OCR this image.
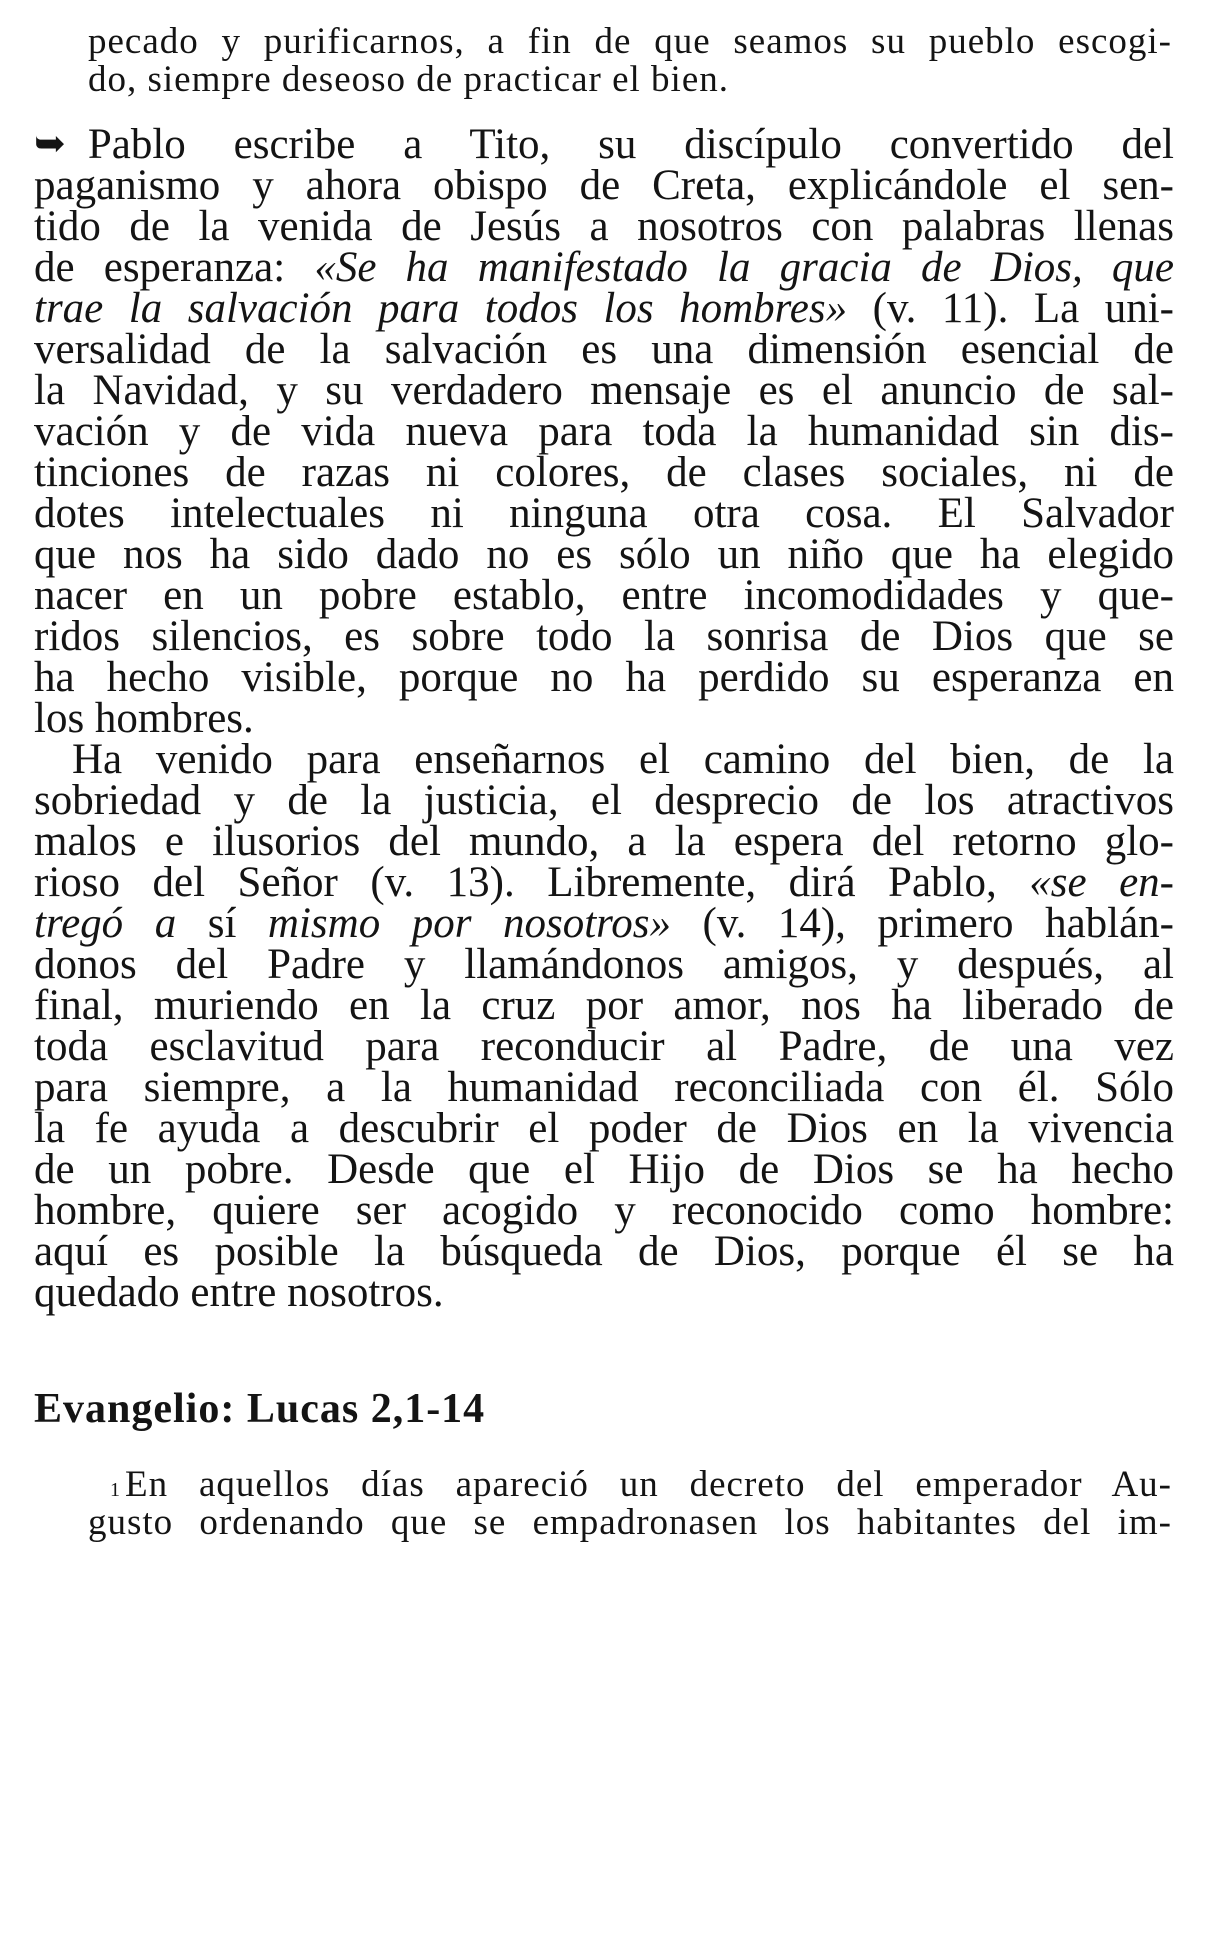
pecado y purificarnos, a fin de que seamos su pueblo escogi-

do, siempre deseoso de practicar el bien.

➥ Pablo escribe a Tito, su discípulo convertido del

paganismo y ahora obispo de Creta, explicándole el sen-

tido de la venida de Jesús a nosotros con palabras llenas

de esperanza: «Se ha manifestado la gracia de Dios, que

trae la salvación para todos los hombres» (v. 11). La uni-

versalidad de la salvación es una dimensión esencial de

la Navidad, y su verdadero mensaje es el anuncio de sal-

vación y de vida nueva para toda la humanidad sin dis-

tinciones de razas ni colores, de clases sociales, ni de

dotes intelectuales ni ninguna otra cosa. El Salvador

que nos ha sido dado no es sólo un niño que ha elegido

nacer en un pobre establo, entre incomodidades y que-

ridos silencios, es sobre todo la sonrisa de Dios que se

ha hecho visible, porque no ha perdido su esperanza en

los hombres.

Ha venido para enseñarnos el camino del bien, de la

sobriedad y de la justicia, el desprecio de los atractivos

malos e ilusorios del mundo, a la espera del retorno glo-

rioso del Señor (v. 13). Libremente, dirá Pablo, «se en-

tregó a sí mismo por nosotros» (v. 14), primero hablán-

donos del Padre y llamándonos amigos, y después, al

final, muriendo en la cruz por amor, nos ha liberado de

toda esclavitud para reconducir al Padre, de una vez

para siempre, a la humanidad reconciliada con él. Sólo

la fe ayuda a descubrir el poder de Dios en la vivencia

de un pobre. Desde que el Hijo de Dios se ha hecho

hombre, quiere ser acogido y reconocido como hombre:

aquí es posible la búsqueda de Dios, porque él se ha

quedado entre nosotros.

Evangelio: Lucas 2,1-14

1 En aquellos días apareció un decreto del emperador Au-

gusto ordenando que se empadronasen los habitantes del im-
